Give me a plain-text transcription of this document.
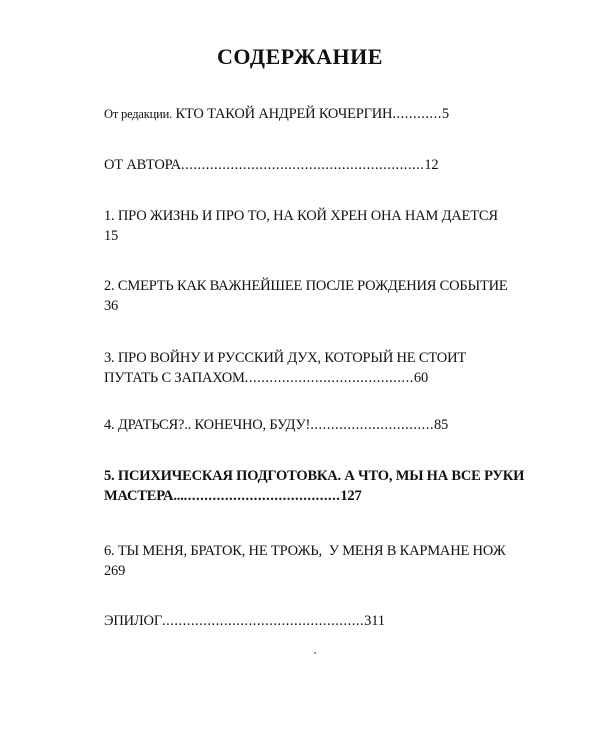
СОДЕРЖАНИЕ
От редакции. КТО ТАКОЙ АНДРЕЙ КОЧЕРГИН ............ 5
ОТ АВТОРА ........................................................... 12
1. ПРО ЖИЗНЬ И ПРО ТО, НА КОЙ ХРЕН ОНА НАМ ДАЕТСЯ
15
2. СМЕРТЬ КАК ВАЖНЕЙШЕЕ ПОСЛЕ РОЖДЕНИЯ СОБЫТИЕ
36
3. ПРО ВОЙНУ И РУССКИЙ ДУХ, КОТОРЫЙ НЕ СТОИТ
ПУТАТЬ С ЗАПАХОМ ......................................... 60
4. ДРАТЬСЯ?.. КОНЕЧНО, БУДУ! .............................. 85
5. ПСИХИЧЕСКАЯ ПОДГОТОВКА. А ЧТО, МЫ НА ВСЕ РУКИ
МАСТЕРА... ...................................... 127
6. ТЫ МЕНЯ, БРАТОК, НЕ ТРОЖЬ,  У МЕНЯ В КАРМАНЕ НОЖ
269
ЭПИЛОГ ................................................. 311
